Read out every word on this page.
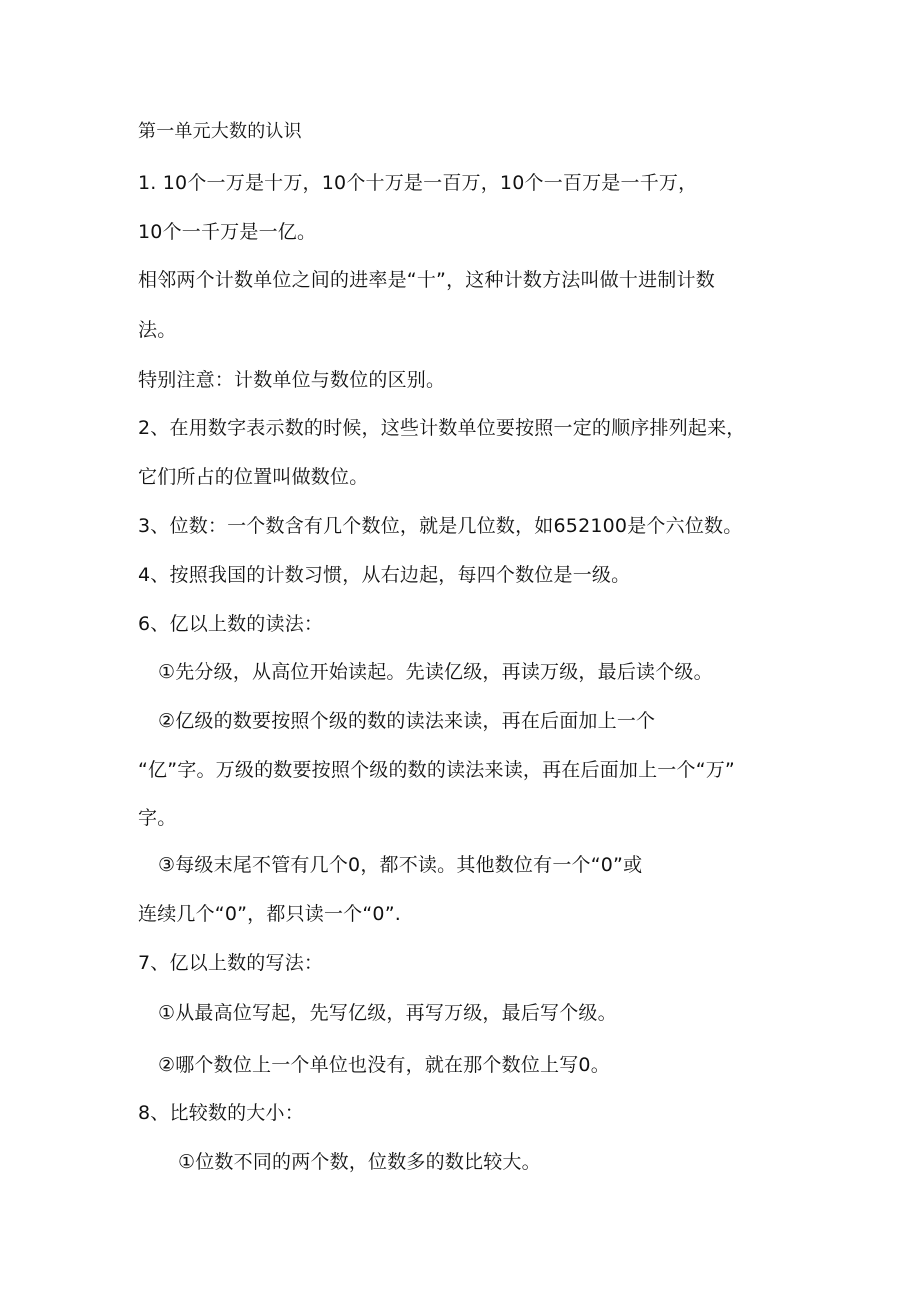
第一单元大数的认识
1. 10个一万是十万，10个十万是一百万，10个一百万是一千万，
10个一千万是一亿。
相邻两个计数单位之间的进率是“十”，这种计数方法叫做十进制计数
法。
特别注意：计数单位与数位的区别。
2、在用数字表示数的时候，这些计数单位要按照一定的顺序排列起来，
它们所占的位置叫做数位。
3、位数：一个数含有几个数位，就是几位数，如652100是个六位数。
4、按照我国的计数习惯，从右边起，每四个数位是一级。
6、亿以上数的读法：
①先分级，从高位开始读起。先读亿级，再读万级，最后读个级。
②亿级的数要按照个级的数的读法来读，再在后面加上一个
“亿”字。万级的数要按照个级的数的读法来读，再在后面加上一个“万”
字。
③每级末尾不管有几个0，都不读。其他数位有一个“0”或
连续几个“0”，都只读一个“0”.
7、亿以上数的写法：
①从最高位写起，先写亿级，再写万级，最后写个级。
②哪个数位上一个单位也没有，就在那个数位上写0。
8、比较数的大小：
①位数不同的两个数，位数多的数比较大。
